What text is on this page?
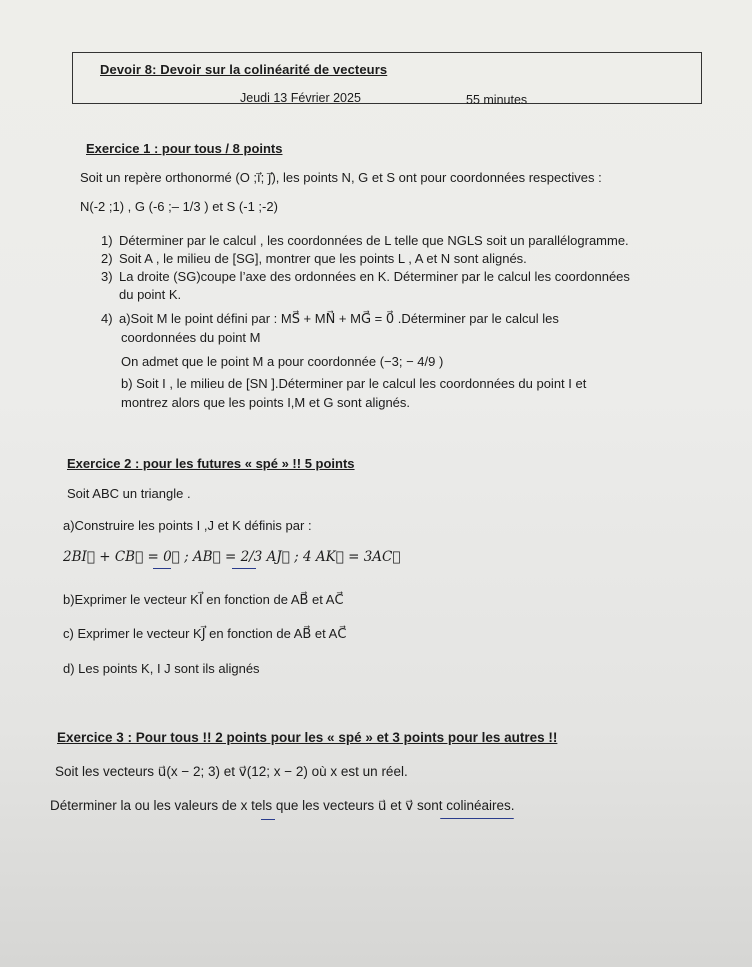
Devoir 8: Devoir sur la colinéarité de vecteurs
Jeudi 13 Février 2025	55 minutes
Exercice 1 : pour tous / 8 points
Soit un repère orthonormé (O ;ı⃗; ȷ⃗), les points N, G et S ont pour coordonnées respectives :
N(-2 ;1) , G (-6 ;– 1/3 ) et S (-1 ;-2)
1) Déterminer par le calcul , les coordonnées de L telle que NGLS soit un parallélogramme.
2) Soit A , le milieu de [SG], montrer que les points L , A et N sont alignés.
3) La droite (SG)coupe l’axe des ordonnées en K. Déterminer par le calcul les coordonnées
du point K.
4) a)Soit M le point défini par : MS⃗ + MN⃗ + MG⃗ = 0⃗ .Déterminer par le calcul les
coordonnées du point M
On admet que le point M a pour coordonnée (−3; − 4/9 )
b) Soit I , le milieu de [SN ].Déterminer par le calcul les coordonnées du point I et
montrez alors que les points I,M et G sont alignés.
Exercice 2 : pour les futures « spé » !! 5 points
Soit ABC un triangle .
a)Construire les points I ,J et K définis par :
2BI⃗ + CB⃗ = 0⃗ ; AB⃗ = 2/3 AJ⃗ ; 4 AK⃗ = 3AC⃗
b)Exprimer le vecteur KI⃗ en fonction de AB⃗ et AC⃗
c) Exprimer le vecteur KJ⃗ en fonction de AB⃗ et AC⃗
d) Les points K, I J sont ils alignés
Exercice 3 : Pour tous !! 2 points pour les « spé » et 3 points pour les autres !!
Soit les vecteurs u⃗(x − 2; 3) et v⃗(12; x − 2) où x est un réel.
Déterminer la ou les valeurs de x tels que les vecteurs u⃗ et v⃗ sont colinéaires.
